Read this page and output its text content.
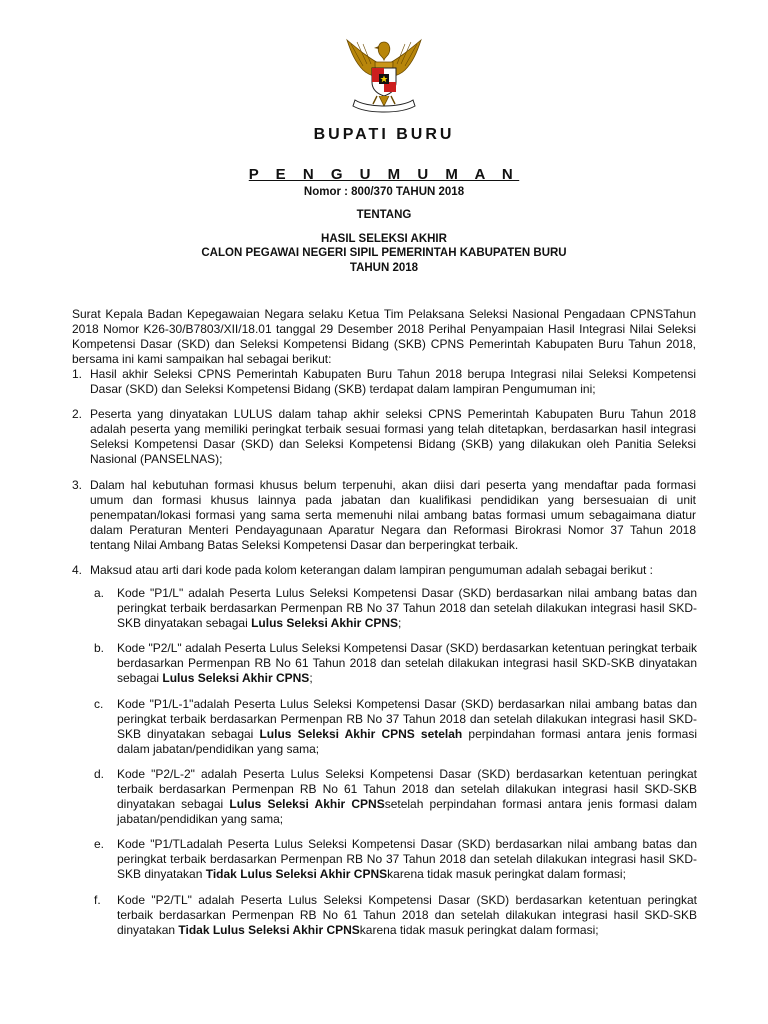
BUPATI BURU
P E N G U M U M A N
Nomor : 800/370 TAHUN 2018
TENTANG
HASIL SELEKSI AKHIR
CALON PEGAWAI NEGERI SIPIL PEMERINTAH KABUPATEN BURU
TAHUN 2018
Surat Kepala Badan Kepegawaian Negara selaku Ketua Tim Pelaksana Seleksi Nasional Pengadaan CPNSTahun 2018 Nomor K26-30/B7803/XII/18.01 tanggal 29 Desember 2018 Perihal Penyampaian Hasil Integrasi Nilai Seleksi Kompetensi Dasar (SKD) dan Seleksi Kompetensi Bidang (SKB) CPNS Pemerintah Kabupaten Buru Tahun 2018, bersama ini kami sampaikan hal sebagai berikut:
1. Hasil akhir Seleksi CPNS Pemerintah Kabupaten Buru Tahun 2018 berupa Integrasi nilai Seleksi Kompetensi Dasar (SKD) dan Seleksi Kompetensi Bidang (SKB) terdapat dalam lampiran Pengumuman ini;
2. Peserta yang dinyatakan LULUS dalam tahap akhir seleksi CPNS Pemerintah Kabupaten Buru Tahun 2018 adalah peserta yang memiliki peringkat terbaik sesuai formasi yang telah ditetapkan, berdasarkan hasil integrasi Seleksi Kompetensi Dasar (SKD) dan Seleksi Kompetensi Bidang (SKB) yang dilakukan oleh Panitia Seleksi Nasional (PANSELNAS);
3. Dalam hal kebutuhan formasi khusus belum terpenuhi, akan diisi dari peserta yang mendaftar pada formasi umum dan formasi khusus lainnya pada jabatan dan kualifikasi pendidikan yang bersesuaian di unit penempatan/lokasi formasi yang sama serta memenuhi nilai ambang batas formasi umum sebagaimana diatur dalam Peraturan Menteri Pendayagunaan Aparatur Negara dan Reformasi Birokrasi Nomor 37 Tahun 2018 tentang Nilai Ambang Batas Seleksi Kompetensi Dasar dan berperingkat terbaik.
4. Maksud atau arti dari kode pada kolom keterangan dalam lampiran pengumuman adalah sebagai berikut :
a. Kode "P1/L" adalah Peserta Lulus Seleksi Kompetensi Dasar (SKD) berdasarkan nilai ambang batas dan peringkat terbaik berdasarkan Permenpan RB No 37 Tahun 2018 dan setelah dilakukan integrasi hasil SKD-SKB dinyatakan sebagai Lulus Seleksi Akhir CPNS;
b. Kode "P2/L" adalah Peserta Lulus Seleksi Kompetensi Dasar (SKD) berdasarkan ketentuan peringkat terbaik berdasarkan Permenpan RB No 61 Tahun 2018 dan setelah dilakukan integrasi hasil SKD-SKB dinyatakan sebagai Lulus Seleksi Akhir CPNS;
c. Kode "P1/L-1"adalah Peserta Lulus Seleksi Kompetensi Dasar (SKD) berdasarkan nilai ambang batas dan peringkat terbaik berdasarkan Permenpan RB No 37 Tahun 2018 dan setelah dilakukan integrasi hasil SKD-SKB dinyatakan sebagai Lulus Seleksi Akhir CPNS setelah perpindahan formasi antara jenis formasi dalam jabatan/pendidikan yang sama;
d. Kode "P2/L-2" adalah Peserta Lulus Seleksi Kompetensi Dasar (SKD) berdasarkan ketentuan peringkat terbaik berdasarkan Permenpan RB No 61 Tahun 2018 dan setelah dilakukan integrasi hasil SKD-SKB dinyatakan sebagai Lulus Seleksi Akhir CPNSsetelah perpindahan formasi antara jenis formasi dalam jabatan/pendidikan yang sama;
e. Kode "P1/TLadalah Peserta Lulus Seleksi Kompetensi Dasar (SKD) berdasarkan nilai ambang batas dan peringkat terbaik berdasarkan Permenpan RB No 37 Tahun 2018 dan setelah dilakukan integrasi hasil SKD-SKB dinyatakan Tidak Lulus Seleksi Akhir CPNSkarena tidak masuk peringkat dalam formasi;
f. Kode "P2/TL" adalah Peserta Lulus Seleksi Kompetensi Dasar (SKD) berdasarkan ketentuan peringkat terbaik berdasarkan Permenpan RB No 61 Tahun 2018 dan setelah dilakukan integrasi hasil SKD-SKB dinyatakan Tidak Lulus Seleksi Akhir CPNSkarena tidak masuk peringkat dalam formasi;
